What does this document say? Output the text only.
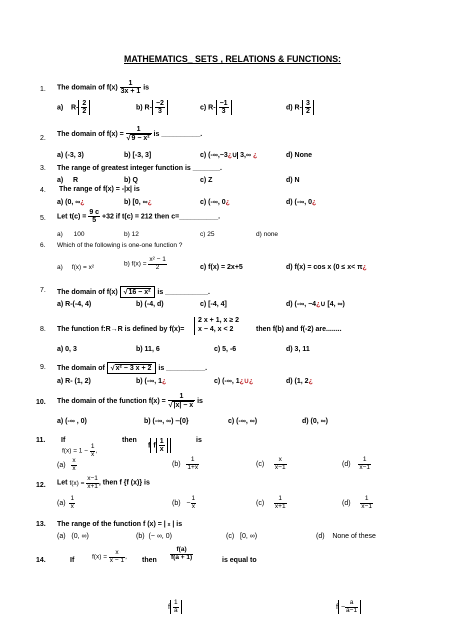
MATHEMATICS_ SETS , RELATIONS & FUNCTIONS:
1. The domain of $f(x) \frac{1}{3x + 1}$ is
a) $R- \frac{2}{2}$	b) $R- \frac{-2}{3}$	c) $R- \frac{-1}{3}$	d) $R- \frac{3}{2}$
2.
The domain of $f(x) = \frac{1}{\text{√9 − x²}}$ is __________.
a) (-3, 3)	b) [-3, 3]	c) (-∞,−3¿∪ 3,∞ ¿	d) None
3. The range of greatest integer function is _______.
a) R	b) Q	c) Z	d) N
4. The range of f(x) = -|x| is
a) (0, ∞¿	b) [0, ∞¿	c) (-∞, 0¿	d) (-∞, 0¿
5. Let $t(c) = \frac{9 c}{5} +32$ if t(c) = 212 then c=__________.
a) 100	b) 12	c) 25	d) none
6. Which of the following is one-one function ?
a) f(x) = x²	b) $f(x) = \frac{\text{x² − 1}}{2}$	c) f(x) = 2x+5	d) f(x) = cos x (0 ≤ x< π¿
7. The domain of f(x) √16 − x² is ___________.
a) R-(-4, 4)	b) (-4, d)	c) [-4, 4]	d) (-∞, −4¿∪ [4, ∞)
8. The function f:R→R is defined by f(x)=
2 x + 1, x ≥ 2
x − 4, x < 2	then f(b) and f(-2) are........
a) 0, 3	b) 11, 6	c) 5, -6	d) 3, 11
9. The domain of √x² − 3 x + 2 is __________.
a) R- (1, 2)	b) (-∞, 1¿	c) (-∞, 1¿∪¿	d) (1, 2¿
10. The domain of the function $f(x) = \frac{1}{√|x| - x}$ is
a) (-∞ , 0)	b) (-∞, ∞) –{0}	c) (-∞, ∞)	d) (0, ∞)
11. If
$f(x) = 1 - \frac{1}{x}$ ,
then
f f $\frac{1}{x}$	is
$(a) \frac{x}{x}$	$(b) \frac{1}{1+x}$	$(c) \frac{x}{x-1}$	$(d) \frac{1}{x-1}$
12. Let $f(x) = \frac{x-1}{x+1}$ , then f {f (x)} is
$(a) \frac{1}{x}$	$(b) - \frac{1}{x}$	$(c) \frac{1}{x+1}$	$(d) \frac{1}{x-1}$
13. The range of the function f (x) = | x | is
(a) (0, ∞)	(b) (− ∞, 0)	(c) [0, ∞)	(d) None of these
14.	If	$f(x) = \frac{x}{x - 1}$ , then $\frac{f(a)}{f(a + 1)}$	is equal to
f $\frac{1}{a}$	$f - \frac{a}{a-1}$
